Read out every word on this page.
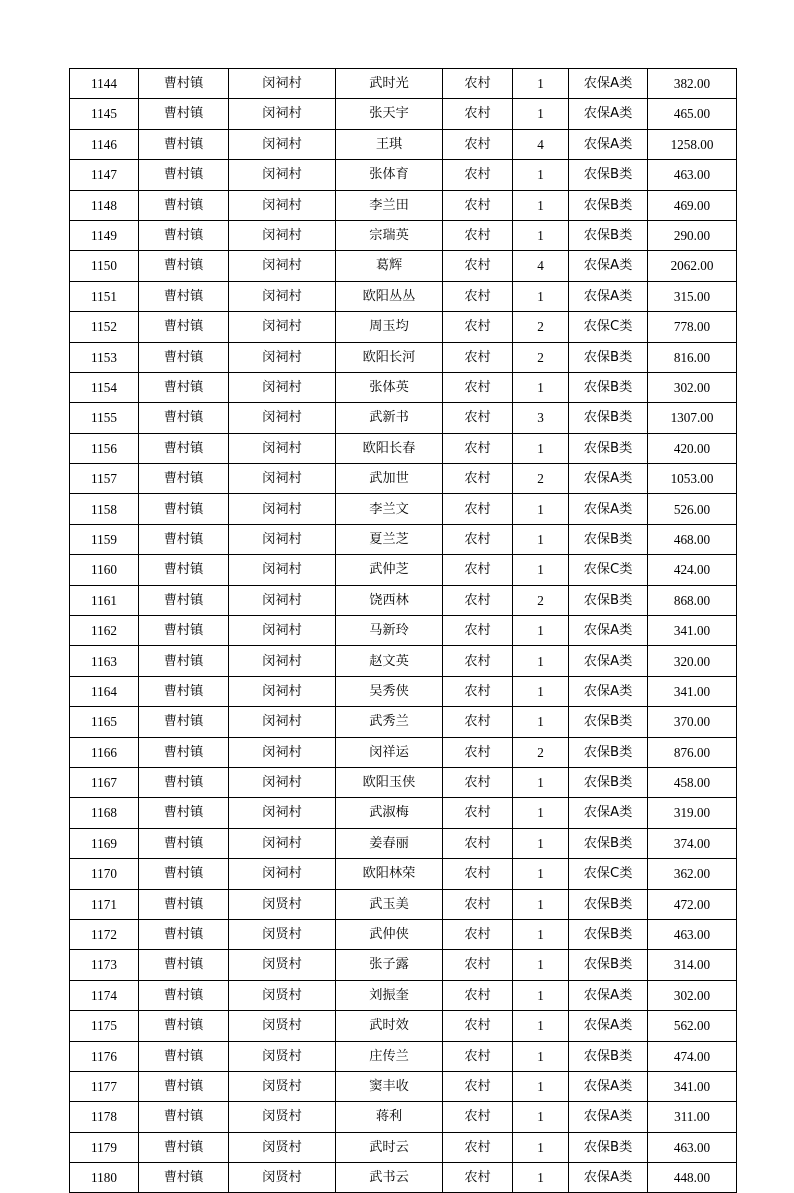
1144	曹村镇	闵祠村	武时光	农村	1	农保A类	382.00
1145	曹村镇	闵祠村	张天宇	农村	1	农保A类	465.00
1146	曹村镇	闵祠村	王琪	农村	4	农保A类	1258.00
1147	曹村镇	闵祠村	张体育	农村	1	农保B类	463.00
1148	曹村镇	闵祠村	李兰田	农村	1	农保B类	469.00
1149	曹村镇	闵祠村	宗瑞英	农村	1	农保B类	290.00
1150	曹村镇	闵祠村	葛辉	农村	4	农保A类	2062.00
1151	曹村镇	闵祠村	欧阳丛丛	农村	1	农保A类	315.00
1152	曹村镇	闵祠村	周玉均	农村	2	农保C类	778.00
1153	曹村镇	闵祠村	欧阳长河	农村	2	农保B类	816.00
1154	曹村镇	闵祠村	张体英	农村	1	农保B类	302.00
1155	曹村镇	闵祠村	武新书	农村	3	农保B类	1307.00
1156	曹村镇	闵祠村	欧阳长春	农村	1	农保B类	420.00
1157	曹村镇	闵祠村	武加世	农村	2	农保A类	1053.00
1158	曹村镇	闵祠村	李兰文	农村	1	农保A类	526.00
1159	曹村镇	闵祠村	夏兰芝	农村	1	农保B类	468.00
1160	曹村镇	闵祠村	武仲芝	农村	1	农保C类	424.00
1161	曹村镇	闵祠村	饶西林	农村	2	农保B类	868.00
1162	曹村镇	闵祠村	马新玲	农村	1	农保A类	341.00
1163	曹村镇	闵祠村	赵文英	农村	1	农保A类	320.00
1164	曹村镇	闵祠村	吴秀侠	农村	1	农保A类	341.00
1165	曹村镇	闵祠村	武秀兰	农村	1	农保B类	370.00
1166	曹村镇	闵祠村	闵祥运	农村	2	农保B类	876.00
1167	曹村镇	闵祠村	欧阳玉侠	农村	1	农保B类	458.00
1168	曹村镇	闵祠村	武淑梅	农村	1	农保A类	319.00
1169	曹村镇	闵祠村	姜春丽	农村	1	农保B类	374.00
1170	曹村镇	闵祠村	欧阳林荣	农村	1	农保C类	362.00
1171	曹村镇	闵贤村	武玉美	农村	1	农保B类	472.00
1172	曹村镇	闵贤村	武仲侠	农村	1	农保B类	463.00
1173	曹村镇	闵贤村	张子露	农村	1	农保B类	314.00
1174	曹村镇	闵贤村	刘振奎	农村	1	农保A类	302.00
1175	曹村镇	闵贤村	武时效	农村	1	农保A类	562.00
1176	曹村镇	闵贤村	庄传兰	农村	1	农保B类	474.00
1177	曹村镇	闵贤村	窦丰收	农村	1	农保A类	341.00
1178	曹村镇	闵贤村	蒋利	农村	1	农保A类	311.00
1179	曹村镇	闵贤村	武时云	农村	1	农保B类	463.00
1180	曹村镇	闵贤村	武书云	农村	1	农保A类	448.00
